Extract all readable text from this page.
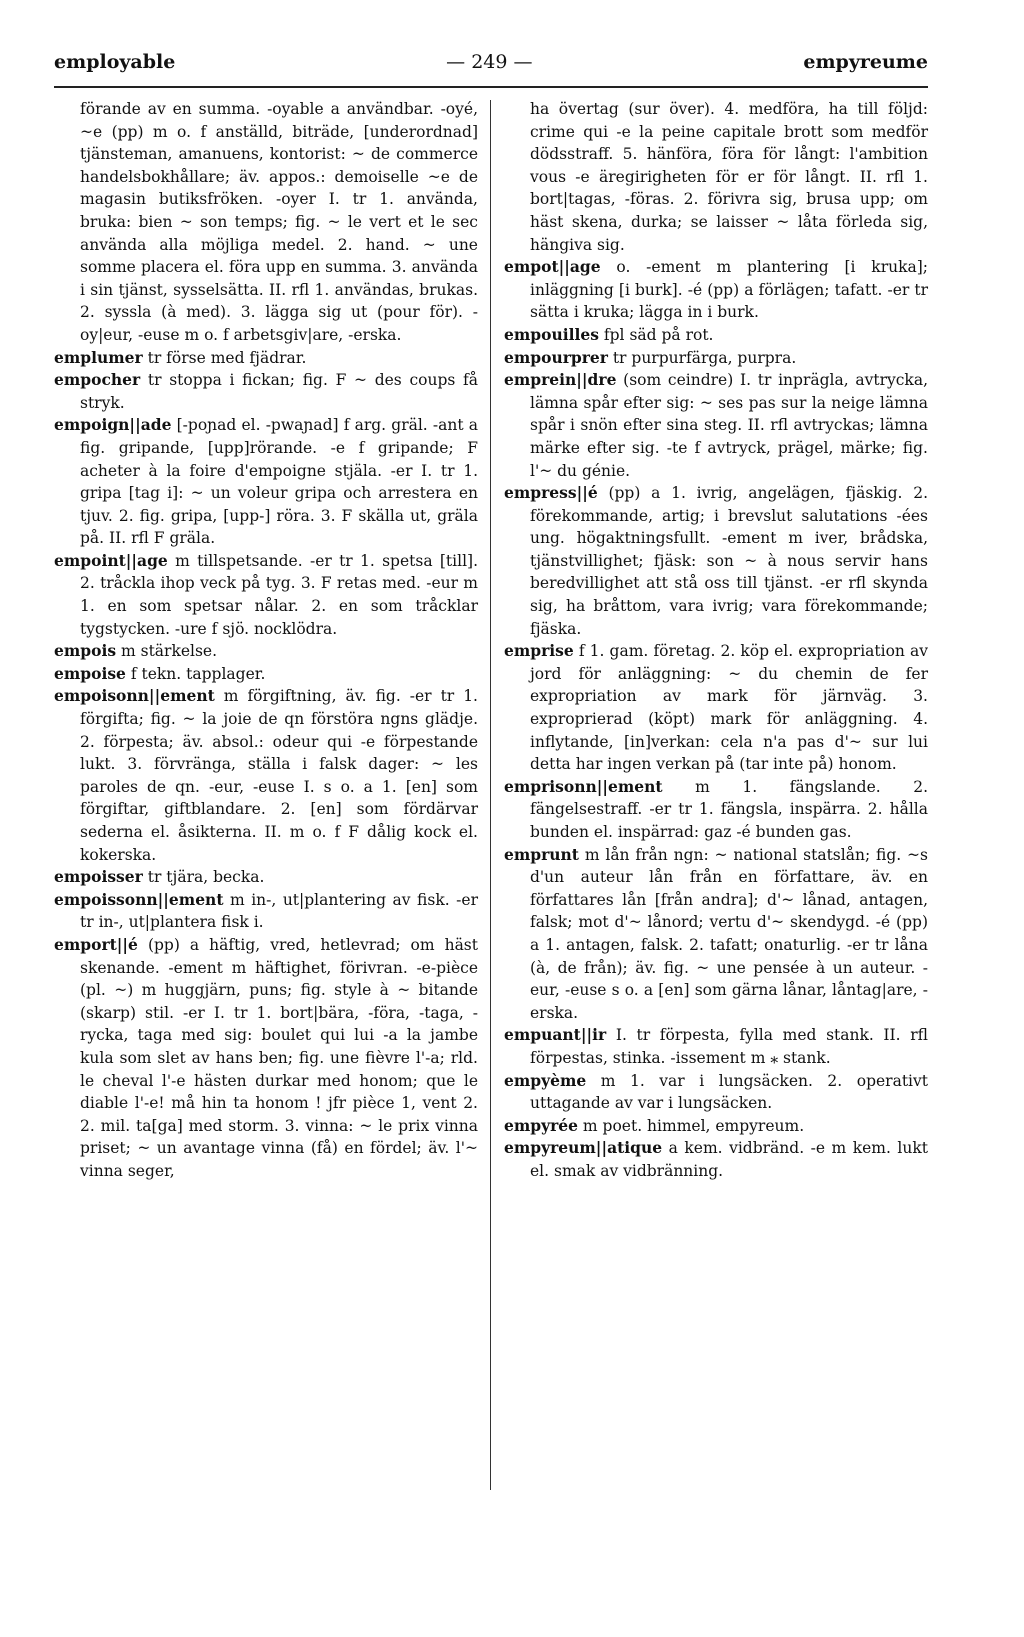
employable	— 249 —	empyreume

förande av en summa. -oyable a användbar. -oyé, ~e (pp) m o. f anställd, biträde, [underordnad] tjänsteman, amanuens, kontorist: ~ de commerce handelsbokhållare; äv. appos.: demoiselle ~e de magasin butiksfröken. -oyer I. tr 1. använda, bruka: bien ~ son temps; fig. ~ le vert et le sec använda alla möjliga medel. 2. hand. ~ une somme placera el. föra upp en summa. 3. använda i sin tjänst, sysselsätta. II. rfl 1. användas, brukas. 2. syssla (à med). 3. lägga sig ut (pour för). -oy|eur, -euse m o. f arbetsgiv|are, -erska.

emplumer tr förse med fjädrar.

empocher tr stoppa i fickan; fig. F ~ des coups få stryk.

empoign||ade [-poɲad el. -pwaɲad] f arg. gräl. -ant a fig. gripande, [upp]rörande. -e f gripande; F acheter à la foire d'empoigne stjäla. -er I. tr 1. gripa [tag i]: ~ un voleur gripa och arrestera en tjuv. 2. fig. gripa, [upp-] röra. 3. F skälla ut, gräla på. II. rfl F gräla.

empoint||age m tillspetsande. -er tr 1. spetsa [till]. 2. tråckla ihop veck på tyg. 3. F retas med. -eur m 1. en som spetsar nålar. 2. en som tråcklar tygstycken. -ure f sjö. nocklödra.

empois m stärkelse.

empoise f tekn. tapplager.

empoisonn||ement m förgiftning, äv. fig. -er tr 1. förgifta; fig. ~ la joie de qn förstöra ngns glädje. 2. förpesta; äv. absol.: odeur qui -e förpestande lukt. 3. förvränga, ställa i falsk dager: ~ les paroles de qn. -eur, -euse I. s o. a 1. [en] som förgiftar, giftblandare. 2. [en] som fördärvar sederna el. åsikterna. II. m o. f F dålig kock el. kokerska.

empoisser tr tjära, becka.

empoissonn||ement m in-, ut|plantering av fisk. -er tr in-, ut|plantera fisk i.

emport||é (pp) a häftig, vred, hetlevrad; om häst skenande. -ement m häftighet, förivran. -e-pièce (pl. ~) m huggjärn, puns; fig. style à ~ bitande (skarp) stil. -er I. tr 1. bort|bära, -föra, -taga, -rycka, taga med sig: boulet qui lui -a la jambe kula som slet av hans ben; fig. une fièvre l'-a; rld. le cheval l'-e hästen durkar med honom; que le diable l'-e! må hin ta honom ! jfr pièce 1, vent 2. 2. mil. ta[ga] med storm. 3. vinna: ~ le prix vinna priset; ~ un avantage vinna (få) en fördel; äv. l'~ vinna seger,

ha övertag (sur över). 4. medföra, ha till följd: crime qui -e la peine capitale brott som medför dödsstraff. 5. hänföra, föra för långt: l'ambition vous -e äregirigheten för er för långt. II. rfl 1. bort|tagas, -föras. 2. förivra sig, brusa upp; om häst skena, durka; se laisser ~ låta förleda sig, hängiva sig.

empot||age o. -ement m plantering [i kruka]; inläggning [i burk]. -é (pp) a förlägen; tafatt. -er tr sätta i kruka; lägga in i burk.

empouilles fpl säd på rot.

empourprer tr purpurfärga, purpra.

emprein||dre (som ceindre) I. tr inprägla, avtrycka, lämna spår efter sig: ~ ses pas sur la neige lämna spår i snön efter sina steg. II. rfl avtryckas; lämna märke efter sig. -te f avtryck, prägel, märke; fig. l'~ du génie.

empress||é (pp) a 1. ivrig, angelägen, fjäskig. 2. förekommande, artig; i brevslut salutations -ées ung. högaktningsfullt. -ement m iver, brådska, tjänstvillighet; fjäsk: son ~ à nous servir hans beredvillighet att stå oss till tjänst. -er rfl skynda sig, ha bråttom, vara ivrig; vara förekommande; fjäska.

emprise f 1. gam. företag. 2. köp el. expropriation av jord för anläggning: ~ du chemin de fer expropriation av mark för järnväg. 3. exproprierad (köpt) mark för anläggning. 4. inflytande, [in]verkan: cela n'a pas d'~ sur lui detta har ingen verkan på (tar inte på) honom.

emprisonn||ement m 1. fängslande. 2. fängelsestraff. -er tr 1. fängsla, inspärra. 2. hålla bunden el. inspärrad: gaz -é bunden gas.

emprunt m lån från ngn: ~ national statslån; fig. ~s d'un auteur lån från en författare, äv. en författares lån [från andra]; d'~ lånad, antagen, falsk; mot d'~ lånord; vertu d'~ skendygd. -é (pp) a 1. antagen, falsk. 2. tafatt; onaturlig. -er tr låna (à, de från); äv. fig. ~ une pensée à un auteur. -eur, -euse s o. a [en] som gärna lånar, låntag|are, -erska.

empuant||ir I. tr förpesta, fylla med stank. II. rfl förpestas, stinka. -issement m ⁎ stank.

empyème m 1. var i lungsäcken. 2. operativt uttagande av var i lungsäcken.

empyrée m poet. himmel, empyreum.

empyreum||atique a kem. vidbränd. -e m kem. lukt el. smak av vidbränning.
